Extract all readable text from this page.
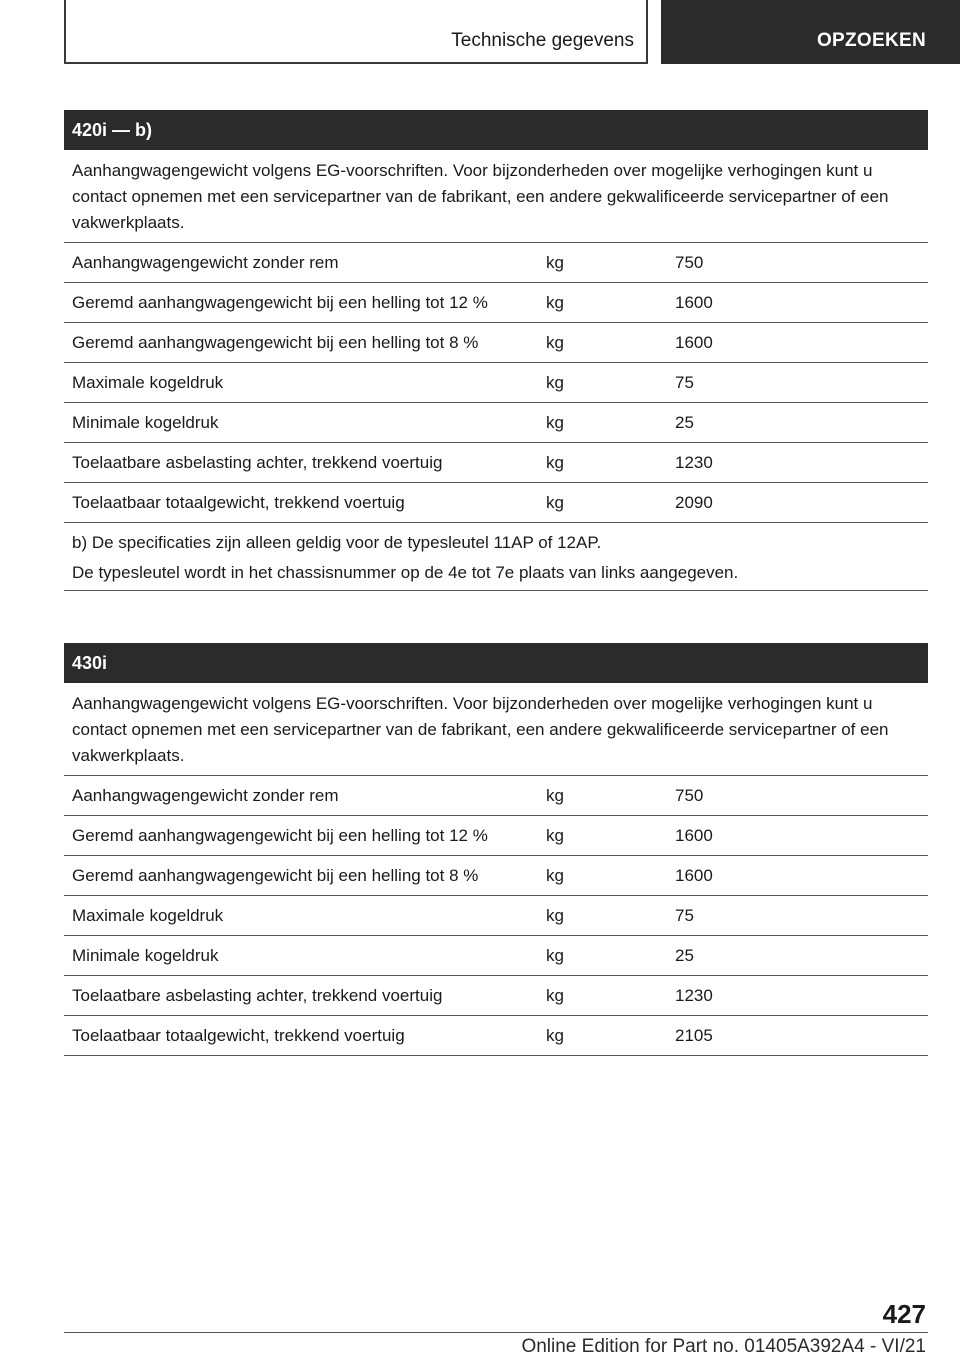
Technische gegevens	OPZOEKEN
420i — b)
Aanhangwagengewicht volgens EG-voorschriften. Voor bijzonderheden over mogelijke verhogingen kunt u contact opnemen met een servicepartner van de fabrikant, een andere gekwalificeerde servicepartner of een vakwerkplaats.
Aanhangwagengewicht zonder rem	kg	750
Geremd aanhangwagengewicht bij een helling tot 12 %	kg	1600
Geremd aanhangwagengewicht bij een helling tot 8 %	kg	1600
Maximale kogeldruk	kg	75
Minimale kogeldruk	kg	25
Toelaatbare asbelasting achter, trekkend voertuig	kg	1230
Toelaatbaar totaalgewicht, trekkend voertuig	kg	2090
b) De specificaties zijn alleen geldig voor de typesleutel 11AP of 12AP.
De typesleutel wordt in het chassisnummer op de 4e tot 7e plaats van links aangegeven.
430i
Aanhangwagengewicht volgens EG-voorschriften. Voor bijzonderheden over mogelijke verhogingen kunt u contact opnemen met een servicepartner van de fabrikant, een andere gekwalificeerde servicepartner of een vakwerkplaats.
Aanhangwagengewicht zonder rem	kg	750
Geremd aanhangwagengewicht bij een helling tot 12 %	kg	1600
Geremd aanhangwagengewicht bij een helling tot 8 %	kg	1600
Maximale kogeldruk	kg	75
Minimale kogeldruk	kg	25
Toelaatbare asbelasting achter, trekkend voertuig	kg	1230
Toelaatbaar totaalgewicht, trekkend voertuig	kg	2105
427
Online Edition for Part no. 01405A392A4 - VI/21
